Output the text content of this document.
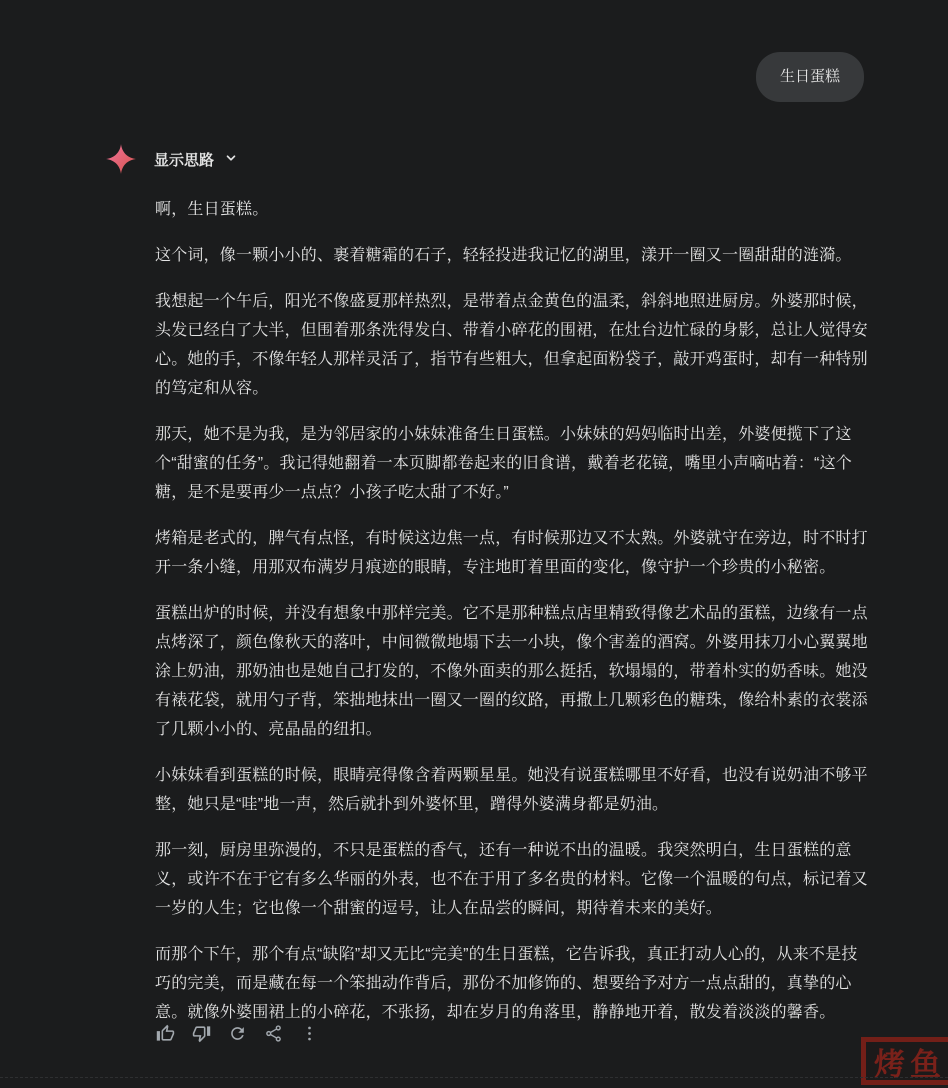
生日蛋糕
显示思路

啊，生日蛋糕。

这个词，像一颗小小的、裹着糖霜的石子，轻轻投进我记忆的湖里，漾开一圈又一圈甜甜的涟漪。

我想起一个午后，阳光不像盛夏那样热烈，是带着点金黄色的温柔，斜斜地照进厨房。外婆那时候，头发已经白了大半，但围着那条洗得发白、带着小碎花的围裙，在灶台边忙碌的身影，总让人觉得安心。她的手，不像年轻人那样灵活了，指节有些粗大，但拿起面粉袋子，敲开鸡蛋时，却有一种特别的笃定和从容。

那天，她不是为我，是为邻居家的小妹妹准备生日蛋糕。小妹妹的妈妈临时出差，外婆便揽下了这个“甜蜜的任务”。我记得她翻着一本页脚都卷起来的旧食谱，戴着老花镜，嘴里小声嘀咕着：“这个糖，是不是要再少一点点？小孩子吃太甜了不好。”

烤箱是老式的，脾气有点怪，有时候这边焦一点，有时候那边又不太熟。外婆就守在旁边，时不时打开一条小缝，用那双布满岁月痕迹的眼睛，专注地盯着里面的变化，像守护一个珍贵的小秘密。

蛋糕出炉的时候，并没有想象中那样完美。它不是那种糕点店里精致得像艺术品的蛋糕，边缘有一点点烤深了，颜色像秋天的落叶，中间微微地塌下去一小块，像个害羞的酒窝。外婆用抹刀小心翼翼地涂上奶油，那奶油也是她自己打发的，不像外面卖的那么挺括，软塌塌的，带着朴实的奶香味。她没有裱花袋，就用勺子背，笨拙地抹出一圈又一圈的纹路，再撒上几颗彩色的糖珠，像给朴素的衣裳添了几颗小小的、亮晶晶的纽扣。

小妹妹看到蛋糕的时候，眼睛亮得像含着两颗星星。她没有说蛋糕哪里不好看，也没有说奶油不够平整，她只是“哇”地一声，然后就扑到外婆怀里，蹭得外婆满身都是奶油。

那一刻，厨房里弥漫的，不只是蛋糕的香气，还有一种说不出的温暖。我突然明白，生日蛋糕的意义，或许不在于它有多么华丽的外表，也不在于用了多名贵的材料。它像一个温暖的句点，标记着又一岁的人生；它也像一个甜蜜的逗号，让人在品尝的瞬间，期待着未来的美好。

而那个下午，那个有点“缺陷”却又无比“完美”的生日蛋糕，它告诉我，真正打动人心的，从来不是技巧的完美，而是藏在每一个笨拙动作背后，那份不加修饰的、想要给予对方一点点甜的，真挚的心意。就像外婆围裙上的小碎花，不张扬，却在岁月的角落里，静静地开着，散发着淡淡的馨香。

烤鱼
